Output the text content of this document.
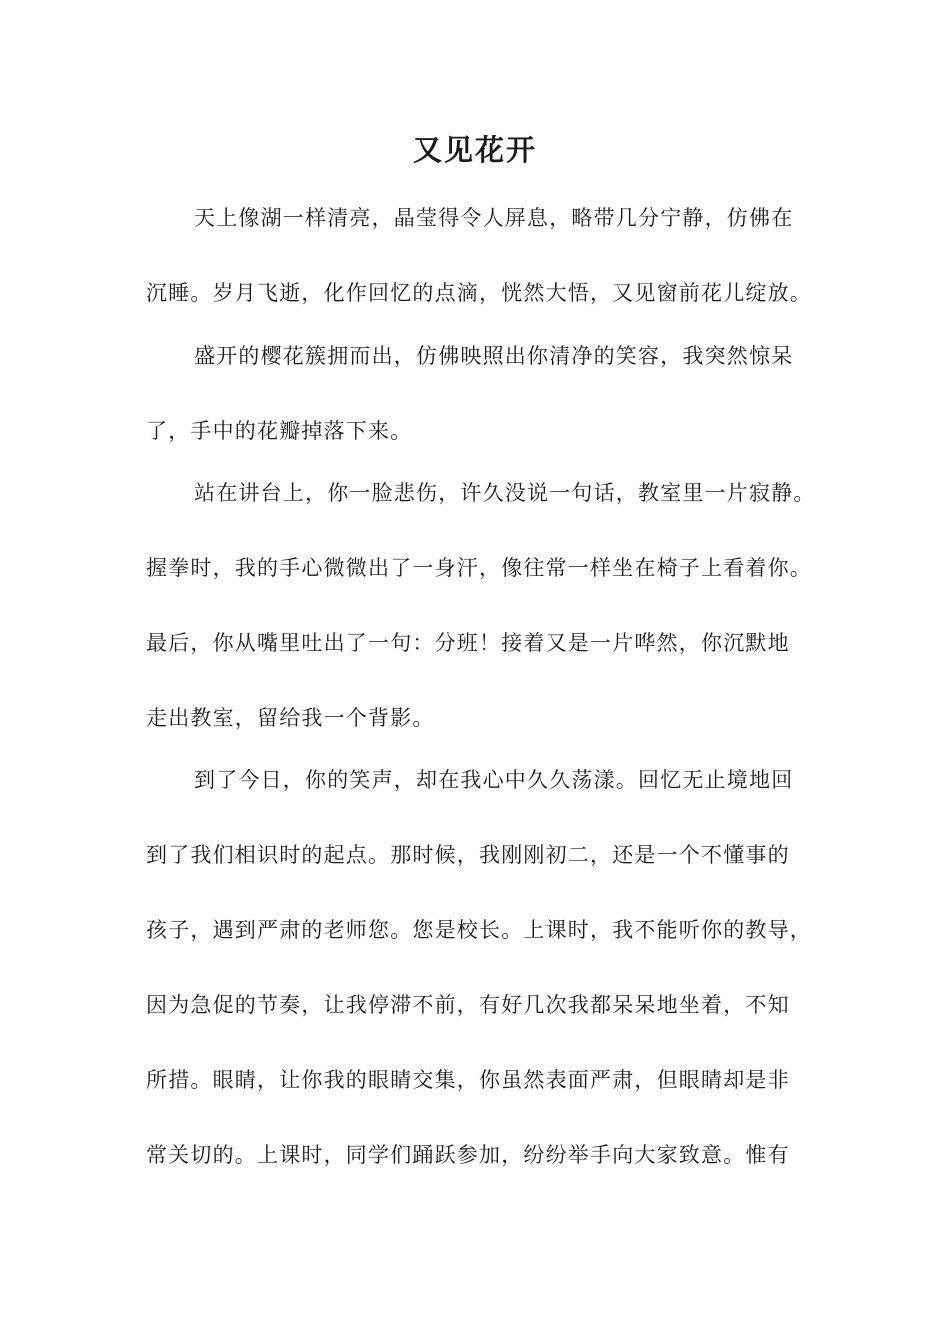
又见花开

天上像湖一样清亮，晶莹得令人屏息，略带几分宁静，仿佛在

沉睡。岁月飞逝，化作回忆的点滴，恍然大悟，又见窗前花儿绽放。

盛开的樱花簇拥而出，仿佛映照出你清净的笑容，我突然惊呆

了，手中的花瓣掉落下来。

站在讲台上，你一脸悲伤，许久没说一句话，教室里一片寂静。

握拳时，我的手心微微出了一身汗，像往常一样坐在椅子上看着你。

最后，你从嘴里吐出了一句：分班！接着又是一片哗然，你沉默地

走出教室，留给我一个背影。

到了今日，你的笑声，却在我心中久久荡漾。回忆无止境地回

到了我们相识时的起点。那时候，我刚刚初二，还是一个不懂事的

孩子，遇到严肃的老师您。您是校长。上课时，我不能听你的教导，

因为急促的节奏，让我停滞不前，有好几次我都呆呆地坐着，不知

所措。眼睛，让你我的眼睛交集，你虽然表面严肃，但眼睛却是非

常关切的。上课时，同学们踊跃参加，纷纷举手向大家致意。惟有
